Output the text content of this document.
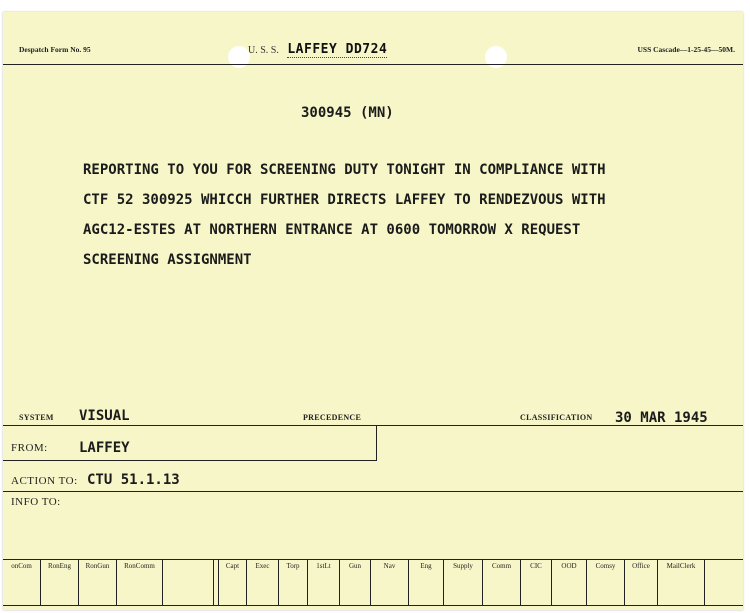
Despatch Form No. 95	U. S. S. LAFFEY DD724	USS Cascade—1-25-45—50M.
300945 (MN)
REPORTING TO YOU FOR SCREENING DUTY TONIGHT IN COMPLIANCE WITH
CTF 52 300925 WHICCH FURTHER DIRECTS LAFFEY TO RENDEZVOUS WITH
AGC12-ESTES AT NORTHERN ENTRANCE AT 0600 TOMORROW X REQUEST
SCREENING ASSIGNMENT
SYSTEM VISUAL	PRECEDENCE	CLASSIFICATION 30 MAR 1945
FROM: LAFFEY
ACTION TO: CTU 51.1.13
INFO TO:
onCom	RonEng	RonGun	RonComm	Capt	Exec	Torp	1stLt	Gun	Nav	Eng	Supply	Comm	CIC	OOD	Comsy	Office	MailClerk
